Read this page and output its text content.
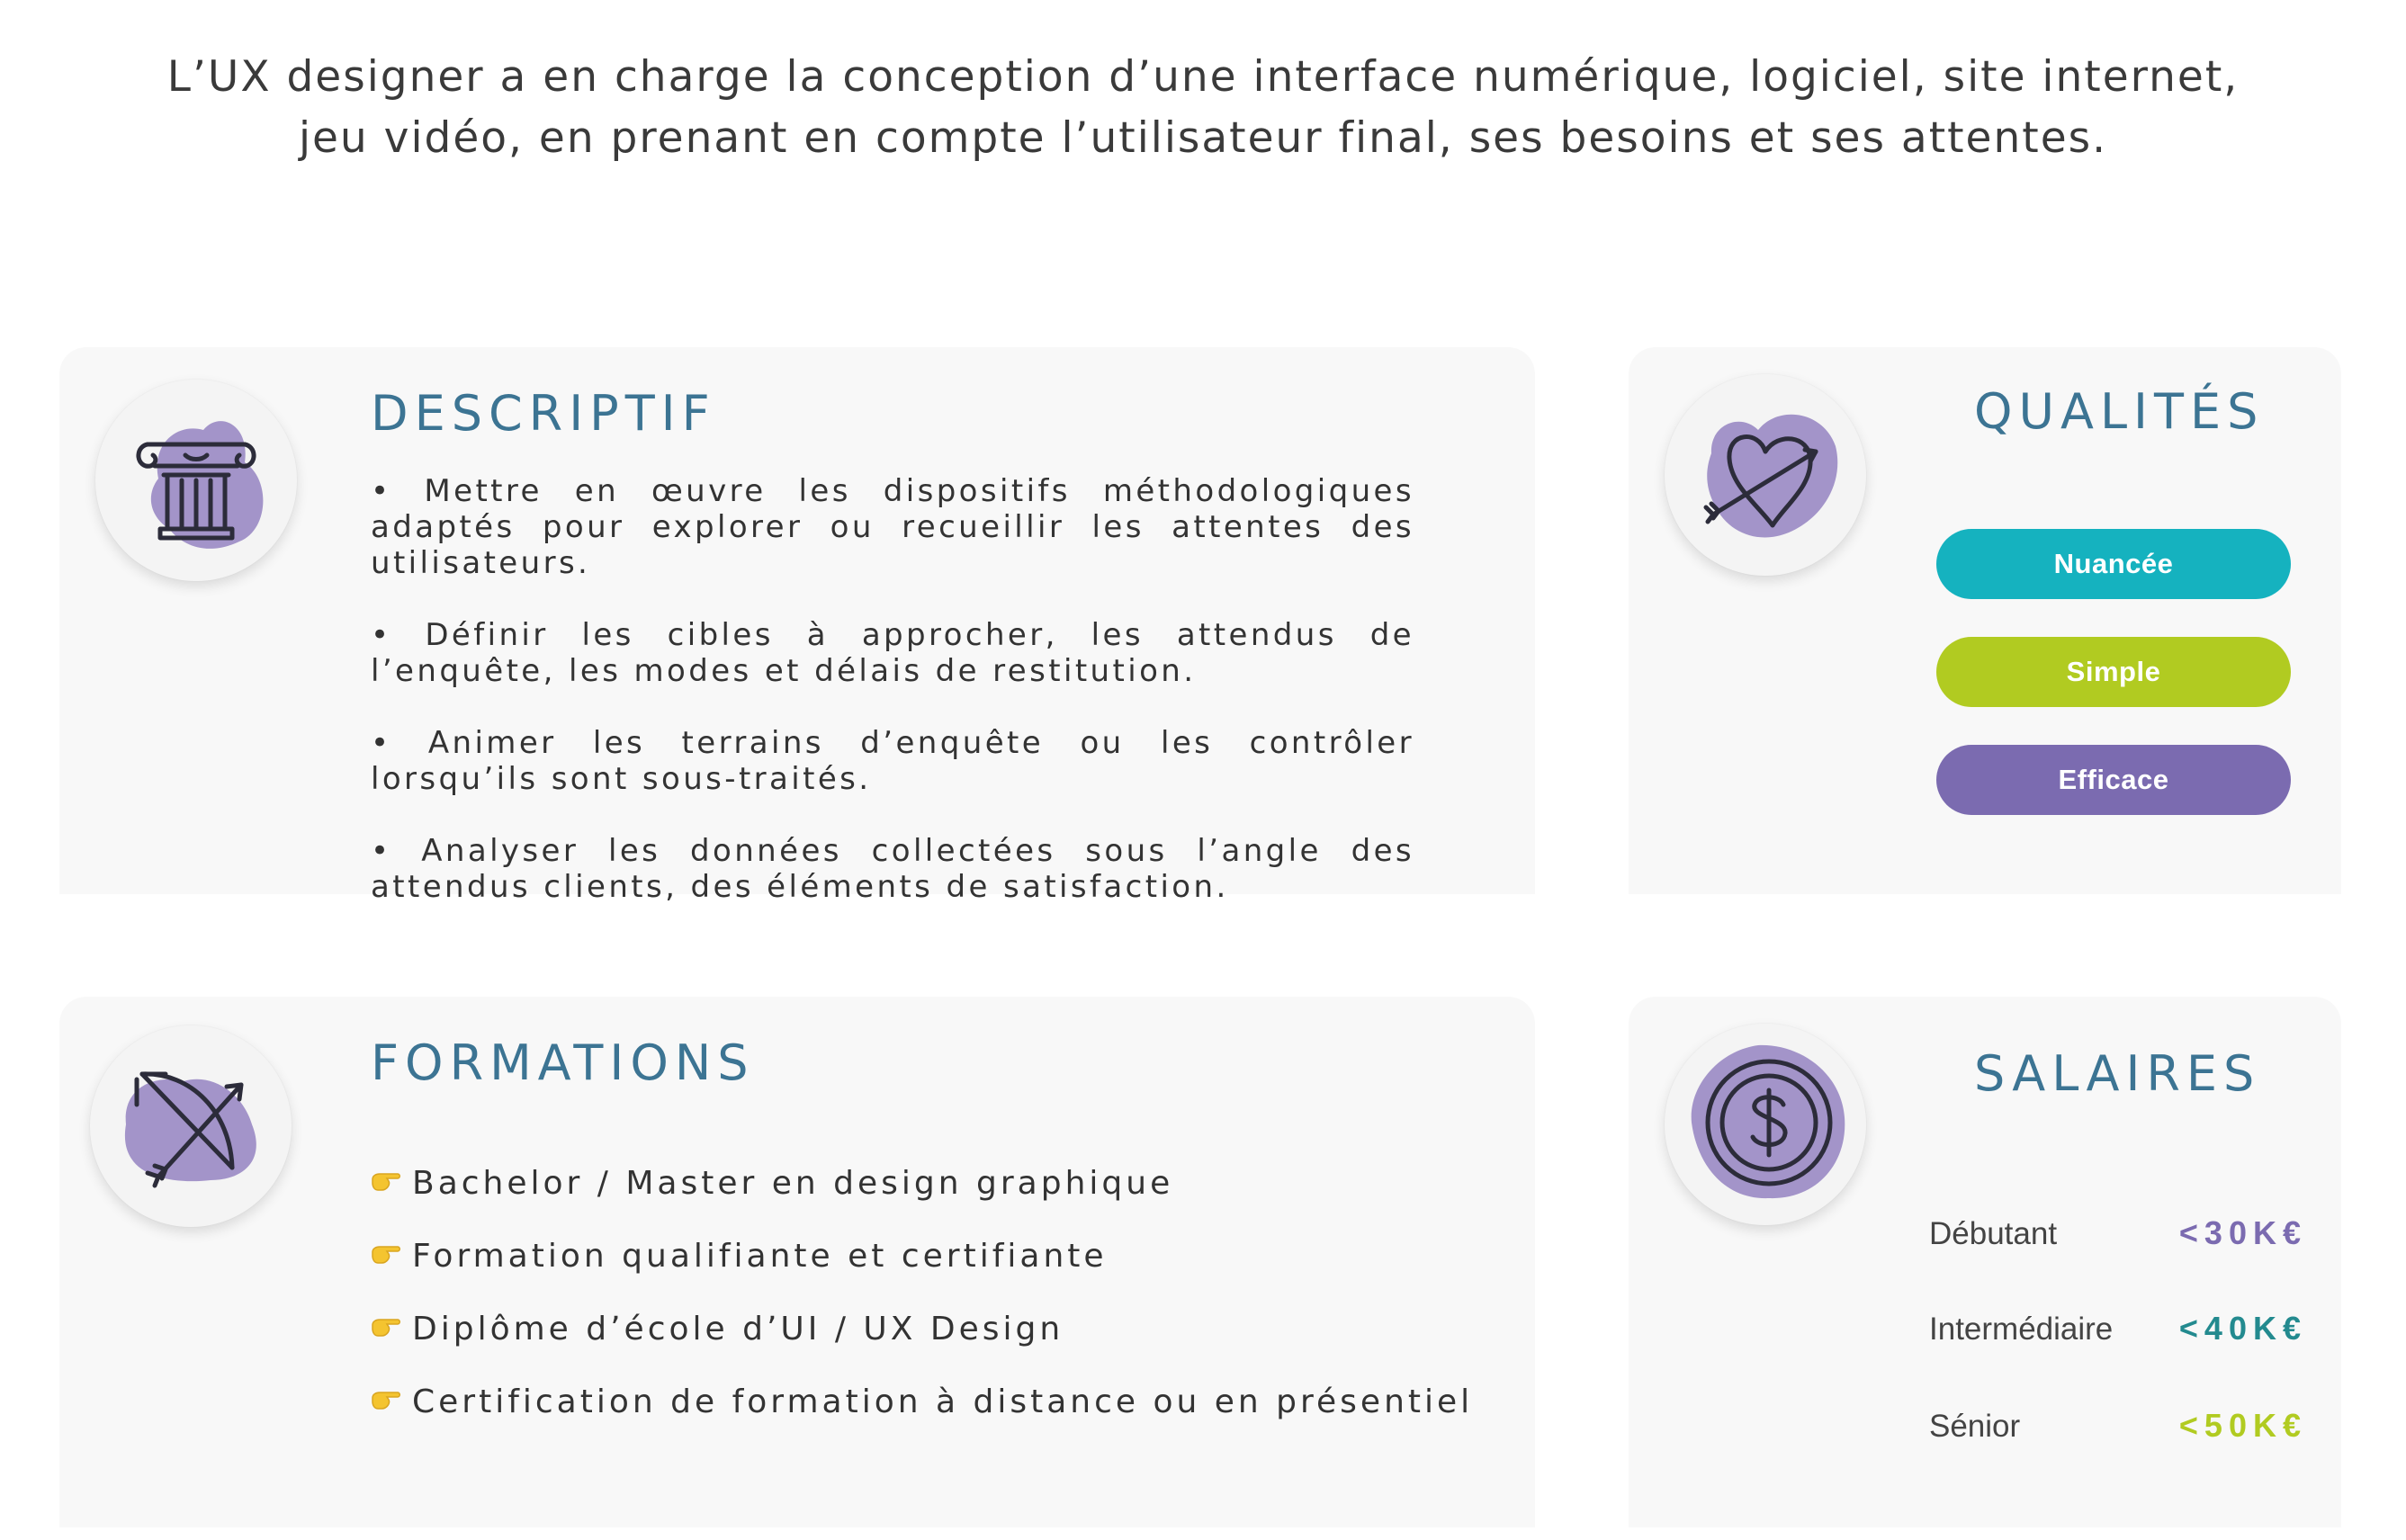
L’UX designer a en charge la conception d’une interface numérique, logiciel, site internet,

jeu vidéo, en prenant en compte l’utilisateur final, ses besoins et ses attentes.

DESCRIPTIF
• Mettre en œuvre les dispositifs méthodologiques adaptés pour explorer ou recueillir les attentes des utilisateurs.
• Définir les cibles à approcher, les attendus de l’enquête, les modes et délais de restitution.
• Animer les terrains d’enquête ou les contrôler lorsqu’ils sont sous-traités.
• Analyser les données collectées sous l’angle des attendus clients, des éléments de satisfaction.
QUALITÉS
Nuancée
Simple
Efficace
FORMATIONS
Bachelor / Master en design graphique
Formation qualifiante et certifiante
Diplôme d’école d’UI / UX Design
Certification de formation à distance ou en présentiel
SALAIRES
Débutant	<30K€
Intermédiaire <40K€
Sénior	<50K€
